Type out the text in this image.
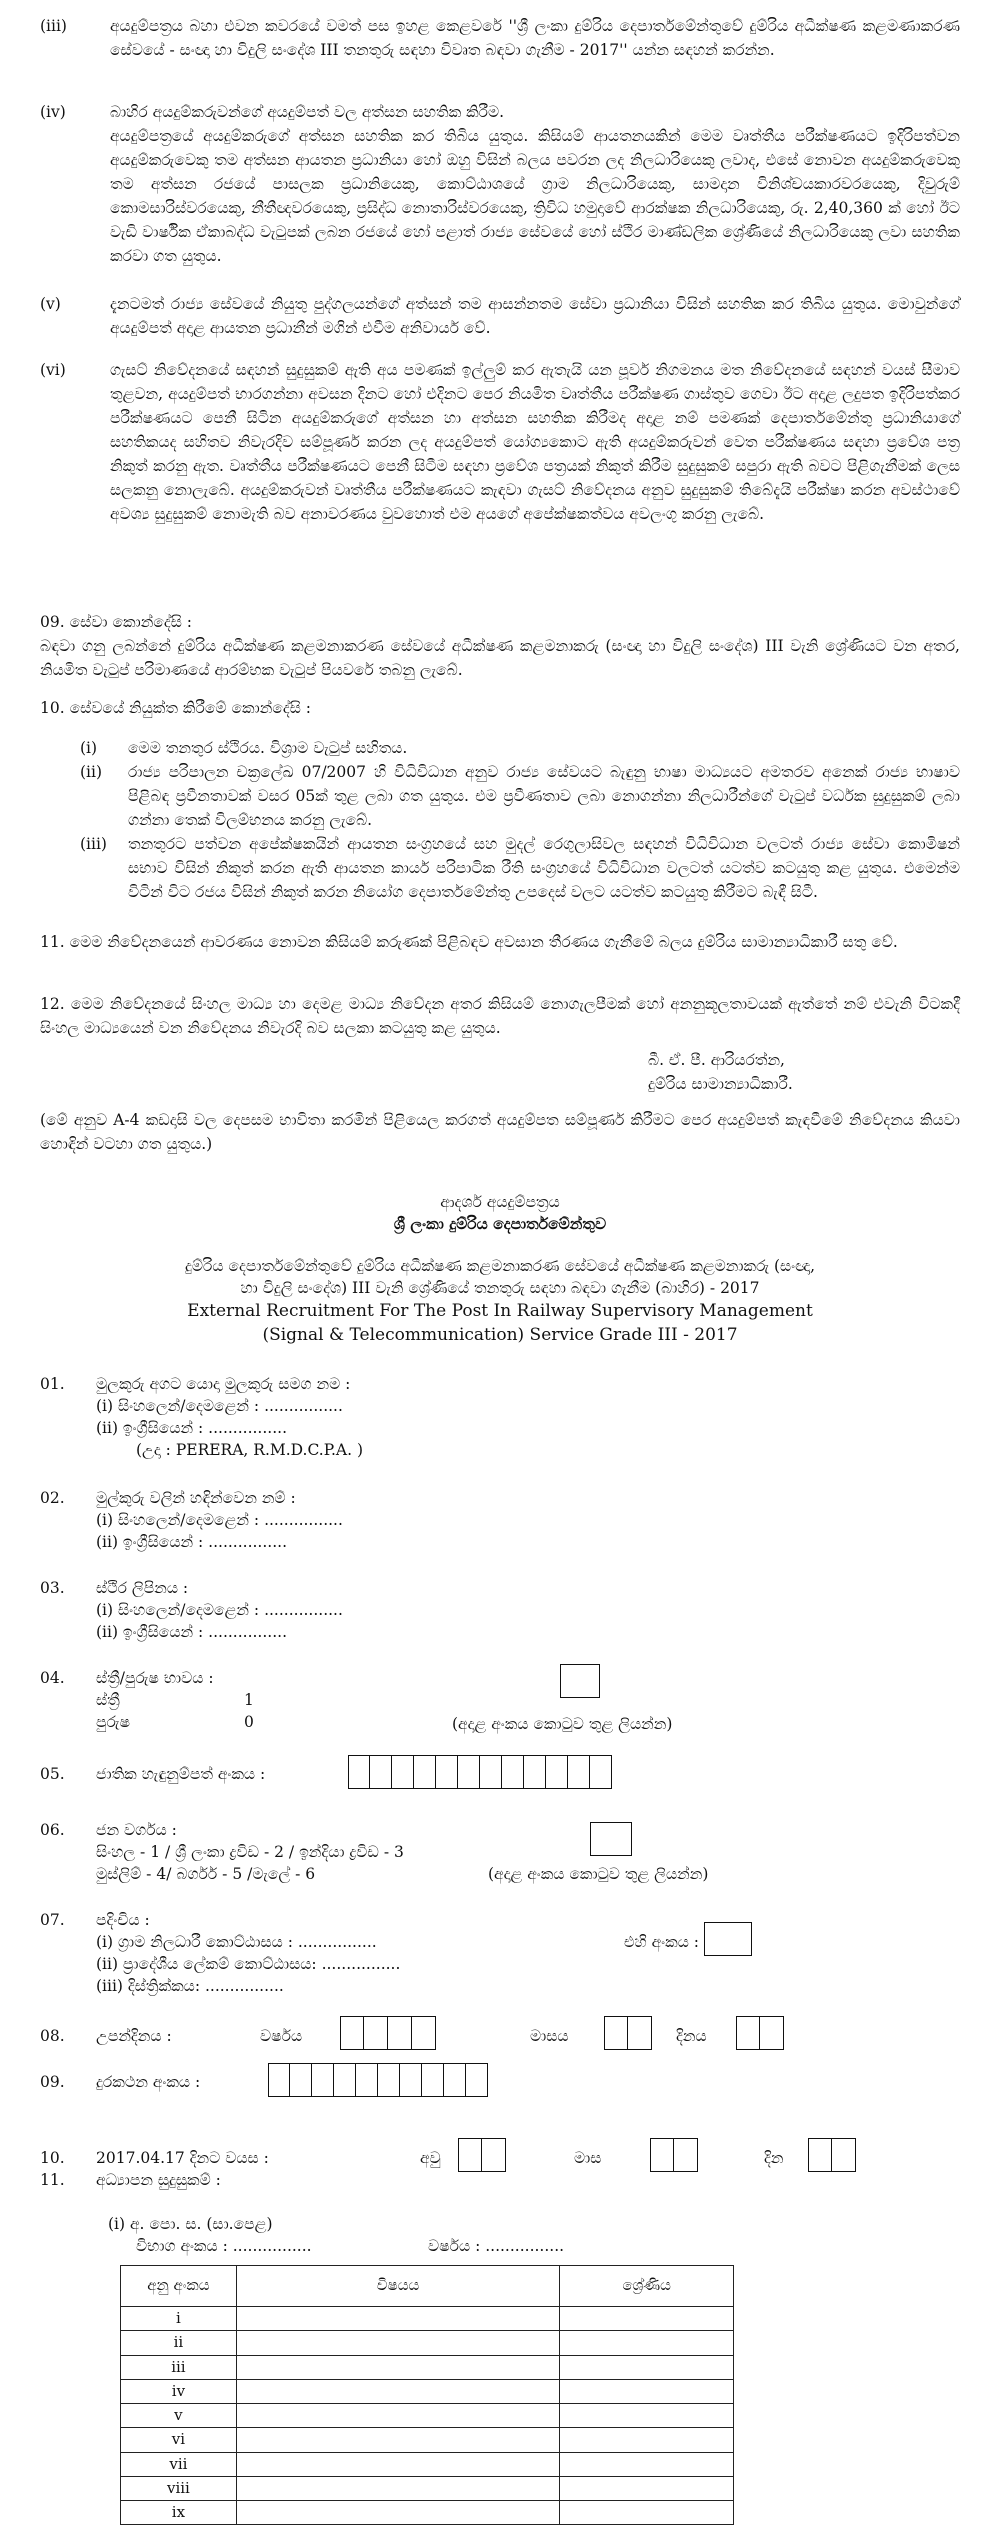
(iii)	අයදුම්පත්‍රය බහා එවන කවරයේ වමත් පස ඉහළ කෙළවරේ ''ශ්‍රී ලංකා දුම්රිය දෙපාර්තමේන්තුවේ දුම්රිය අධීක්ෂණ කළමණාකරණ සේවයේ - සංඥා හා විදුලි සංදේශ III තනතුරු සඳහා විවෘත බඳවා ගැනීම - 2017'' යන්න සඳහන් කරන්න.
(iv)	බාහිර අයදුම්කරුවන්ගේ අයදුම්පත් වල අත්සන සහතික කිරීම.
අයදුම්පත්‍රයේ අයදුම්කරුගේ අත්සන සහතික කර තිබිය යුතුය. කිසියම් ආයතනයකින් මෙම වෘත්තීය පරීක්ෂණයට ඉදිරිපත්වන අයදුම්කරුවෙකු තම අත්සන ආයතන ප්‍රධානියා හෝ ඔහු විසින් බලය පවරන ලද නිලධාරියෙකු ලවාද, එසේ නොවන අයදුම්කරුවෙකු තම අත්සන රජයේ පාසලක ප්‍රධානියෙකු, කොට්ඨාශයේ ග්‍රාම නිලධාරියෙකු, සාමදාන විනිශ්චයකාරවරයෙකු, දිවුරුම් කොමසාරිස්වරයෙකු, නීතීඥවරයෙකු, ප්‍රසිද්ධ නොතාරිස්වරයෙකු, ත්‍රිවිධ හමුදාවේ ආරක්ෂක නිලධාරියෙකු, රු. 2,40,360 ක් හෝ ඊට වැඩි වාර්ෂික ඒකාබද්ධ වැටුපක් ලබන රජයේ හෝ පළාත් රාජ්‍ය සේවයේ හෝ ස්ථිර මාණ්ඩලික ශ්‍රේණියේ නිලධාරියෙකු ලවා සහතික කරවා ගත යුතුය.
(v)	දැනටමත් රාජ්‍ය සේවයේ නියුතු පුද්ගලයන්ගේ අත්සන් තම ආසන්නතම සේවා ප්‍රධානියා විසින් සහතික කර තිබිය යුතුය. මොවුන්ගේ අයදුම්පත් අදාළ ආයතන ප්‍රධානීන් මගින් එවීම අනිවාර්ය වේ.
(vi)	ගැසට් නිවේදනයේ සඳහන් සුදුසුකම් ඇති අය පමණක් ඉල්ලුම් කර ඇතැයි යන පූර්ව නිගමනය මත නිවේදනයේ සඳහන් වයස් සීමාව තුළවන, අයදුම්පත් භාරගන්නා අවසන දිනට හෝ එදිනට පෙර නියමිත වෘත්තීය පරීක්ෂණ ගාස්තුව ගෙවා ඊට අදාළ ලදුපත ඉදිරිපත්කර පරීක්ෂණයට පෙනී සිටින අයදුම්කරුගේ අත්සන හා අත්සන සහතික කිරීමද අදාළ නම් පමණක් දෙපාර්තමේන්තු ප්‍රධානියාගේ සහතිකයද සහිතව නිවැරදිව සම්පූර්ණ කරන ලද අයදුම්පත් යෝග්‍යකොට ඇති අයදුම්කරුවන් වෙත පරීක්ෂණය සඳහා ප්‍රවේශ පත්‍ර නිකුත් කරනු ඇත. වෘත්තීය පරීක්ෂණයට පෙනී සිටීම සඳහා ප්‍රවේශ පත්‍රයක් නිකුත් කිරීම සුදුසුකම් සපුරා ඇති බවට පිළිගැනීමක් ලෙස සලකනු නොලැබේ. අයදුම්කරුවන් වෘත්තීය පරීක්ෂණයට කැඳවා ගැසට් නිවේදනය අනුව සුදුසුකම් තිබේදැයි පරීක්ෂා කරන අවස්ථාවේ අවශ්‍ය සුදුසුකම් නොමැති බව අනාවරණය වුවහොත් එම අයගේ අපේක්ෂකත්වය අවලංගු කරනු ලැබේ.
09. සේවා කොන්දේසි :
බඳවා ගනු ලබන්නේ දුම්රිය අධීක්ෂණ කළමනාකරණ සේවයේ අධීක්ෂණ කළමනාකරු (සංඥා හා විදුලි සංදේශ) III වැනි ශ්‍රේණියට වන අතර, නියමිත වැටුප් පරිමාණයේ ආරම්භක වැටුප් පියවරේ තබනු ලැබේ.
10. සේවයේ නියුක්ත කිරීමේ කොන්දේසි :
(i) මෙම තනතුර ස්ථිරය. විශ්‍රාම වැටුප් සහිතය.
(ii) රාජ්‍ය පරිපාලන චක්‍රලේඛ 07/2007 හි විධිවිධාන අනුව රාජ්‍ය සේවයට බැඳුනු භාෂා මාධ්‍යයට අමතරව අනෙක් රාජ්‍ය භාෂාව පිළිබඳ ප්‍රවීනතාවක් වසර 05ක් තුළ ලබා ගත යුතුය. එම ප්‍රවීණතාව ලබා නොගන්නා නිලධාරීන්ගේ වැටුප් වර්ධක සුදුසුකම් ලබා ගන්නා තෙක් විලම්භනය කරනු ලැබේ.
(iii) තනතුරට පත්වන අපේක්ෂකයින් ආයතන සංග්‍රහයේ සහ මුදල් රෙගුලාසිවල සඳහන් විධිවිධාන වලටත් රාජ්‍ය සේවා කොමිෂන් සභාව විසින් නිකුත් කරන ඇති ආයතන කාර්ය පරිපාටික රීති සංග්‍රහයේ විධිවිධාන වලටත් යටත්ව කටයුතු කළ යුතුය. එමෙන්ම විටින් විට රජය විසින් නිකුත් කරන නියෝග දෙපාර්තමේන්තු උපදෙස් වලට යටත්ව කටයුතු කිරීමට බැඳී සිටී.
11. මෙම නිවේදනයෙන් ආවරණය නොවන කිසියම් කරුණක් පිළිබඳව අවසාන තීරණය ගැනීමේ බලය දුම්රිය සාමාන්‍යාධිකාරී සතු වේ.
12. මෙම නිවේදනයේ සිංහල මාධ්‍ය හා දෙමළ මාධ්‍ය නිවේදන අතර කිසියම් නොගැලපීමක් හෝ අනනුකූලතාවයක් ඇත්තේ නම් එවැනි විටකදී සිංහල මාධ්‍යයෙන් වන නිවේදනය නිවැරදි බව සලකා කටයුතු කළ යුතුය.
බී. ඒ. පී. ආරියරත්න,
දුම්රිය සාමාන්‍යාධිකාරී.
(මේ අනුව A-4 කඩදාසි වල දෙපසම භාවිතා කරමින් පිළියෙල කරගත් අයදුම්පත සම්පූර්ණ කිරීමට පෙර අයදුම්පත් කැඳවීමේ නිවේදනය කියවා හොඳින් වටහා ගත යුතුය.)
ආදර්ශ අයදුම්පත්‍රය
ශ්‍රී ලංකා දුම්රිය දෙපාර්තමේන්තුව
දුම්රිය දෙපාර්තමේන්තුවේ දුම්රිය අධීක්ෂණ කළමනාකරණ සේවයේ අධීක්ෂණ කළමනාකරු (සංඥා,
හා විදුලි සංදේශ) III වැනි ශ්‍රේණියේ තනතුරු සඳහා බඳවා ගැනීම (බාහිර) - 2017
External Recruitment For The Post In Railway Supervisory Management
(Signal & Telecommunication) Service Grade III - 2017
01. මුලකුරු අගට යොදා මුලකුරු සමග නම :
(i) සිංහලෙන්/දෙමළෙන් : ................
(ii) ඉංග්‍රීසියෙන් : ................
(උදා : PERERA, R.M.D.C.P.A. )
02. මුල්කුරු වලින් හඳින්වෙන නම් :
(i) සිංහලෙන්/දෙමළෙන් : ................
(ii) ඉංග්‍රීසියෙන් : ................
03. ස්ථිර ලිපිනය :
(i) සිංහලෙන්/දෙමළෙන් : ................
(ii) ඉංග්‍රීසියෙන් : ................
04. ස්ත්‍රී/පුරුෂ භාවය :
ස්ත්‍රී	1
පුරුෂ	0	(අදාළ අංකය කොටුව තුළ ලියන්න)
05. ජාතික හැඳුනුම්පත් අංකය :
06. ජන වර්ගය :
සිංහල - 1 / ශ්‍රී ලංකා ද්‍රවිඩ - 2 / ඉන්දියා ද්‍රවිඩ - 3
මුස්ලිම් - 4/ බර්ගර් - 5 /මැලේ - 6	(අදාළ අංකය කොටුව තුළ ලියන්න)
07. පදිංචිය :
(i) ග්‍රාම නිලධාරී කොට්ඨාසය : ................
(ii) ප්‍රාදේශීය ලේකම් කොට්ඨාසය: ................
(iii) දිස්ත්‍රික්කය: ................
එහි අංකය :
08. උපන්දිනය :	වර්ෂය	මාසය	දිනය
09. දුරකථන අංකය :
10. 2017.04.17 දිනට වයස :	අවු	මාස	දින
11. අධ්‍යාපන සුදුසුකම් :
(i) අ. පො. ස. (සා.පෙළ)
විභාග අංකය : ................	වර්ෂය : ................
අනු අංකය	විෂයය	ශ්‍රේණිය
i		
ii		
iii		
iv		
v		
vi		
vii		
viii		
ix		
